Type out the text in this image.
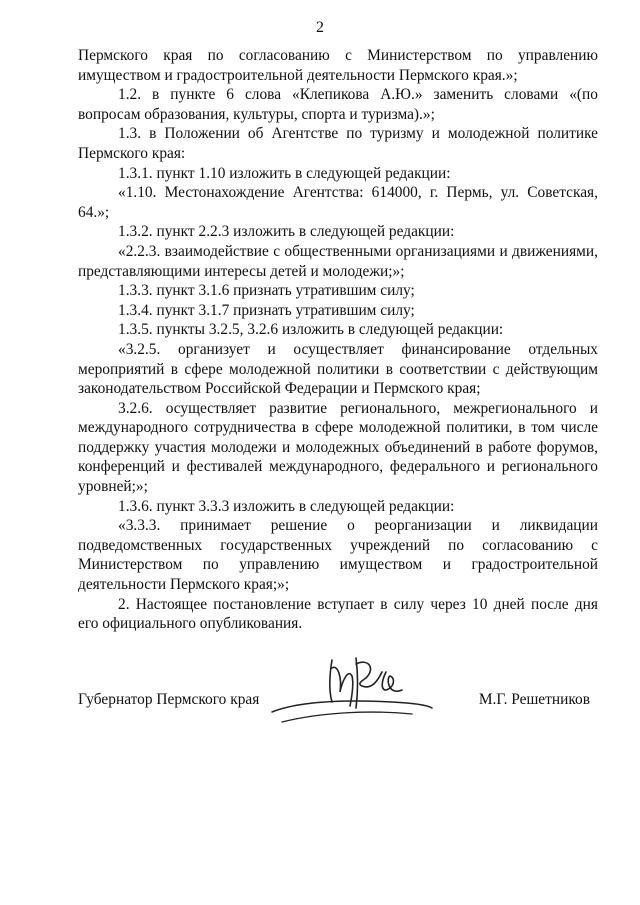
2

Пермского края по согласованию с Министерством по управлению имуществом и градостроительной деятельности Пермского края.»;

1.2. в пункте 6 слова «Клепикова А.Ю.» заменить словами «(по вопросам образования, культуры, спорта и туризма).»;

1.3. в Положении об Агентстве по туризму и молодежной политике Пермского края:

1.3.1. пункт 1.10 изложить в следующей редакции:

«1.10. Местонахождение Агентства: 614000, г. Пермь, ул. Советская, 64.»;

1.3.2. пункт 2.2.3 изложить в следующей редакции:

«2.2.3. взаимодействие с общественными организациями и движениями, представляющими интересы детей и молодежи;»;

1.3.3. пункт 3.1.6 признать утратившим силу;

1.3.4. пункт 3.1.7 признать утратившим силу;

1.3.5. пункты 3.2.5, 3.2.6 изложить в следующей редакции:

«3.2.5. организует и осуществляет финансирование отдельных мероприятий в сфере молодежной политики в соответствии с действующим законодательством Российской Федерации и Пермского края;

3.2.6. осуществляет развитие регионального, межрегионального и международного сотрудничества в сфере молодежной политики, в том числе поддержку участия молодежи и молодежных объединений в работе форумов, конференций и фестивалей международного, федерального и регионального уровней;»;

1.3.6. пункт 3.3.3 изложить в следующей редакции:

«3.3.3. принимает решение о реорганизации и ликвидации подведомственных государственных учреждений по согласованию с Министерством по управлению имуществом и градостроительной деятельности Пермского края;»;

2. Настоящее постановление вступает в силу через 10 дней после дня его официального опубликования.

Губернатор Пермского края	М.Г. Решетников
